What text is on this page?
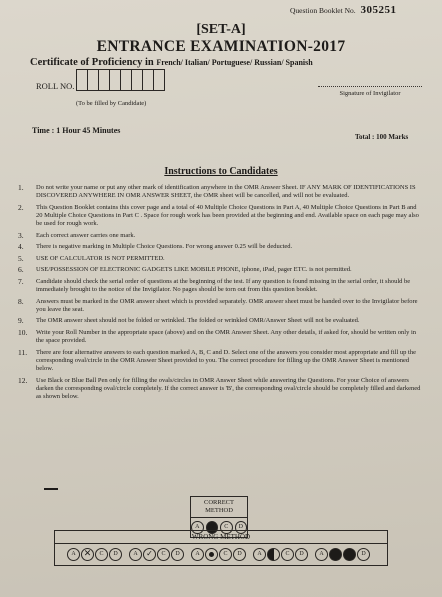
Question Booklet No. 305251
[SET-A]
ENTRANCE EXAMINATION-2017
Certificate of Proficiency in French/ Italian/ Portuguese/ Russian/ Spanish
ROLL NO.
(To be filled by Candidate)
Signature of Invigilator
Time : 1 Hour 45 Minutes
Total : 100 Marks
Instructions to Candidates
1. Do not write your name or put any other mark of identification anywhere in the OMR Answer Sheet. IF ANY MARK OF IDENTIFICATIONS IS DISCOVERED ANYWHERE IN OMR ANSWER SHEET, the OMR sheet will be cancelled, and will not be evaluated.
2. This Question Booklet contains this cover page and a total of 40 Multiple Choice Questions in Part A, 40 Multiple Choice Questions in Part B and 20 Multiple Choice Questions in Part C . Space for rough work has been provided at the beginning and end. Available space on each page may also be used for rough work.
3. Each correct answer carries one mark.
4. There is negative marking in Multiple Choice Questions. For wrong answer 0.25 will be deducted.
5. USE OF CALCULATOR IS NOT PERMITTED.
6. USE/POSSESSION OF ELECTRONIC GADGETS LIKE MOBILE PHONE, iphone, iPad, pager ETC. is not permitted.
7. Candidate should check the serial order of questions at the beginning of the test. If any question is found missing in the serial order, it should be immediately brought to the notice of the Invigilator. No pages should be torn out from this question booklet.
8. Answers must be marked in the OMR answer sheet which is provided separately. OMR answer sheet must be handed over to the Invigilator before you leave the seat.
9. The OMR answer sheet should not be folded or wrinkled. The folded or wrinkled OMR/Answer Sheet will not be evaluated.
10. Write your Roll Number in the appropriate space (above) and on the OMR Answer Sheet. Any other details, if asked for, should be written only in the space provided.
11. There are four alternative answers to each question marked A, B, C and D. Select one of the answers you consider most appropriate and fill up the corresponding oval/circle in the OMR Answer Sheet provided to you. The correct procedure for filling up the OMR Answer Sheet is mentioned below.
12. Use Black or Blue Ball Pen only for filling the ovals/circles in OMR Answer Sheet while answering the Questions. For your Choice of answers darken the corresponding oval/circle completely. If the correct answer is 'B', the corresponding oval/circle should be completely filled and darkened as shown below.
CORRECT METHOD
A	B	C	D
WRONG METHOD
A ✕	C	D	A ✓	C	D	A	C	D	A	C	D	A	D
